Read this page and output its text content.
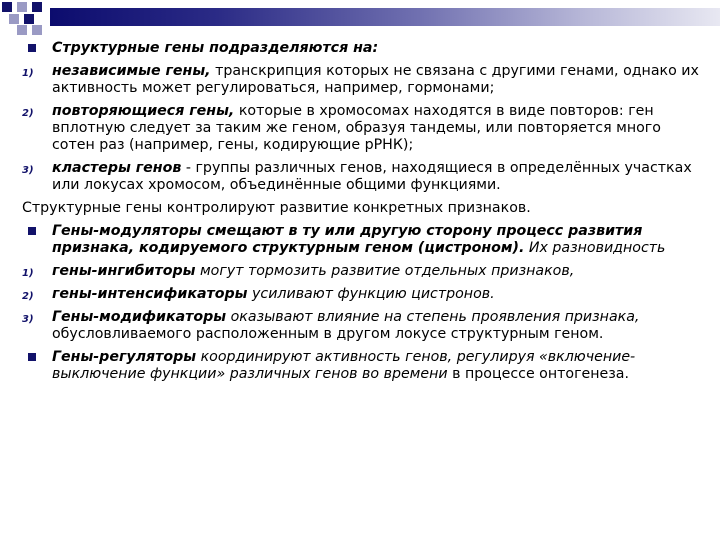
Структурные гены подразделяются на:
1) независимые гены, транскрипция которых не связана с другими генами, однако их активность может регулироваться, например, гормонами;
2) повторяющиеся гены, которые в хромосомах находятся в виде повторов: ген вплотную следует за таким же геном, образуя тандемы, или повторяется много сотен раз (например, гены, кодирующие рРНК);
3) кластеры генов - группы различных генов, находящиеся в определённых участках или локусах хромосом, объединённые общими функциями.
Структурные гены контролируют развитие конкретных признаков.
Гены-модуляторы смещают в ту или другую сторону процесс развития признака, кодируемого структурным геном (цистроном). Их разновидность
1) гены-ингибиторы могут тормозить развитие отдельных признаков,
2) гены-интенсификаторы усиливают функцию цистронов.
3) Гены-модификаторы оказывают влияние на степень проявления признака, обусловливаемого расположенным в другом локусе структурным геном.
Гены-регуляторы координируют активность генов, регулируя «включение-выключение функции» различных генов во времени в процессе онтогенеза.
